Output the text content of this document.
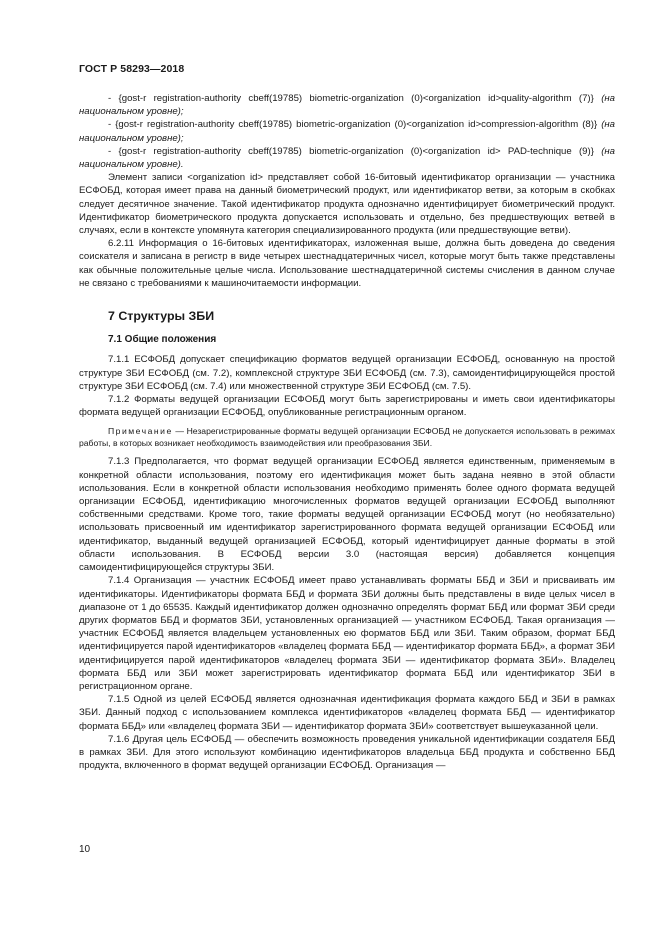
ГОСТ Р 58293—2018

- {gost-r registration-authority cbeff(19785) biometric-organization (0)<organization id>quality-algorithm (7)} (на национальном уровне);

- {gost-r registration-authority cbeff(19785) biometric-organization (0)<organization id>compression-algorithm (8)} (на национальном уровне);

- {gost-r registration-authority cbeff(19785) biometric-organization (0)<organization id> PAD-technique (9)} (на национальном уровне).

Элемент записи <organization id> представляет собой 16-битовый идентификатор организации — участника ЕСФОБД, которая имеет права на данный биометрический продукт, или идентификатор ветви, за которым в скобках следует десятичное значение. Такой идентификатор продукта однозначно идентифицирует биометрический продукт. Идентификатор биометрического продукта допускается использовать и отдельно, без предшествующих ветвей в случаях, если в контексте упомянута категория специализированного продукта (или предшествующие ветви).

6.2.11 Информация о 16-битовых идентификаторах, изложенная выше, должна быть доведена до сведения соискателя и записана в регистр в виде четырех шестнадцатеричных чисел, которые могут быть также представлены как обычные положительные целые числа. Использование шестнадцатеричной системы счисления в данном случае не связано с требованиями к машиночитаемости информации.

7 Структуры ЗБИ
7.1 Общие положения

7.1.1 ЕСФОБД допускает спецификацию форматов ведущей организации ЕСФОБД, основанную на простой структуре ЗБИ ЕСФОБД (см. 7.2), комплексной структуре ЗБИ ЕСФОБД (см. 7.3), самоидентифицирующейся простой структуре ЗБИ ЕСФОБД (см. 7.4) или множественной структуре ЗБИ ЕСФОБД (см. 7.5).

7.1.2 Форматы ведущей организации ЕСФОБД могут быть зарегистрированы и иметь свои идентификаторы формата ведущей организации ЕСФОБД, опубликованные регистрационным органом.

Примечание — Незарегистрированные форматы ведущей организации ЕСФОБД не допускается использовать в режимах работы, в которых возникает необходимость взаимодействия или преобразования ЗБИ.

7.1.3 Предполагается, что формат ведущей организации ЕСФОБД является единственным, применяемым в конкретной области использования, поэтому его идентификация может быть задана неявно в этой области использования. Если в конкретной области использования необходимо применять более одного формата ведущей организации ЕСФОБД, идентификацию многочисленных форматов ведущей организации ЕСФОБД выполняют собственными средствами. Кроме того, такие форматы ведущей организации ЕСФОБД могут (но необязательно) использовать присвоенный им идентификатор зарегистрированного формата ведущей организации ЕСФОБД или идентификатор, выданный ведущей организацией ЕСФОБД, который идентифицирует данные форматы в этой области использования. В ЕСФОБД версии 3.0 (настоящая версия) добавляется концепция самоидентифицирующейся структуры ЗБИ.

7.1.4 Организация — участник ЕСФОБД имеет право устанавливать форматы ББД и ЗБИ и присваивать им идентификаторы. Идентификаторы формата ББД и формата ЗБИ должны быть представлены в виде целых чисел в диапазоне от 1 до 65535. Каждый идентификатор должен однозначно определять формат ББД или формат ЗБИ среди других форматов ББД и форматов ЗБИ, установленных организацией — участником ЕСФОБД. Такая организация — участник ЕСФОБД является владельцем установленных ею форматов ББД или ЗБИ. Таким образом, формат ББД идентифицируется парой идентификаторов «владелец формата ББД — идентификатор формата ББД», а формат ЗБИ идентифицируется парой идентификаторов «владелец формата ЗБИ — идентификатор формата ЗБИ». Владелец формата ББД или ЗБИ может зарегистрировать идентификатор формата ББД или идентификатор ЗБИ в регистрационном органе.

7.1.5 Одной из целей ЕСФОБД является однозначная идентификация формата каждого ББД и ЗБИ в рамках ЗБИ. Данный подход с использованием комплекса идентификаторов «владелец формата ББД — идентификатор формата ББД» или «владелец формата ЗБИ — идентификатор формата ЗБИ» соответствует вышеуказанной цели.

7.1.6 Другая цель ЕСФОБД — обеспечить возможность проведения уникальной идентификации создателя ББД в рамках ЗБИ. Для этого используют комбинацию идентификаторов владельца ББД продукта и собственно ББД продукта, включенного в формат ведущей организации ЕСФОБД. Организация —

10
